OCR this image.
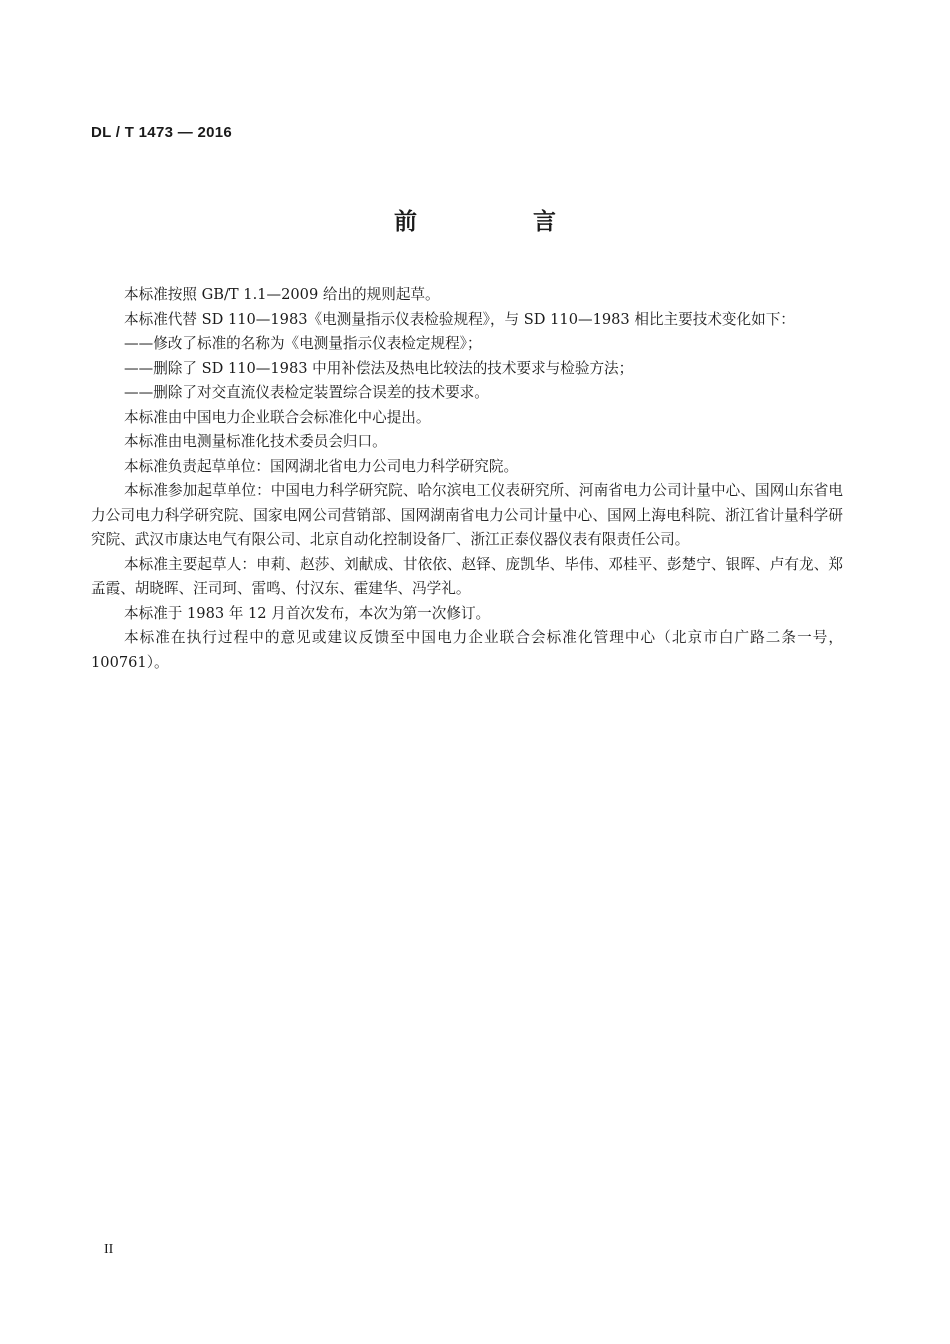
DL / T 1473 — 2016
前 言

本标准按照 GB/T 1.1—2009 给出的规则起草。

本标准代替 SD 110—1983《电测量指示仪表检验规程》，与 SD 110—1983 相比主要技术变化如下：

——修改了标准的名称为《电测量指示仪表检定规程》；

——删除了 SD 110—1983 中用补偿法及热电比较法的技术要求与检验方法；

——删除了对交直流仪表检定装置综合误差的技术要求。

本标准由中国电力企业联合会标准化中心提出。

本标准由电测量标准化技术委员会归口。

本标准负责起草单位：国网湖北省电力公司电力科学研究院。

本标准参加起草单位：中国电力科学研究院、哈尔滨电工仪表研究所、河南省电力公司计量中心、国网山东省电力公司电力科学研究院、国家电网公司营销部、国网湖南省电力公司计量中心、国网上海电科院、浙江省计量科学研究院、武汉市康达电气有限公司、北京自动化控制设备厂、浙江正泰仪器仪表有限责任公司。

本标准主要起草人：申莉、赵莎、刘献成、甘依依、赵铎、庞凯华、毕伟、邓桂平、彭楚宁、银晖、卢有龙、郑孟霞、胡晓晖、汪司珂、雷鸣、付汉东、霍建华、冯学礼。

本标准于 1983 年 12 月首次发布，本次为第一次修订。

本标准在执行过程中的意见或建议反馈至中国电力企业联合会标准化管理中心（北京市白广路二条一号，100761）。

II
